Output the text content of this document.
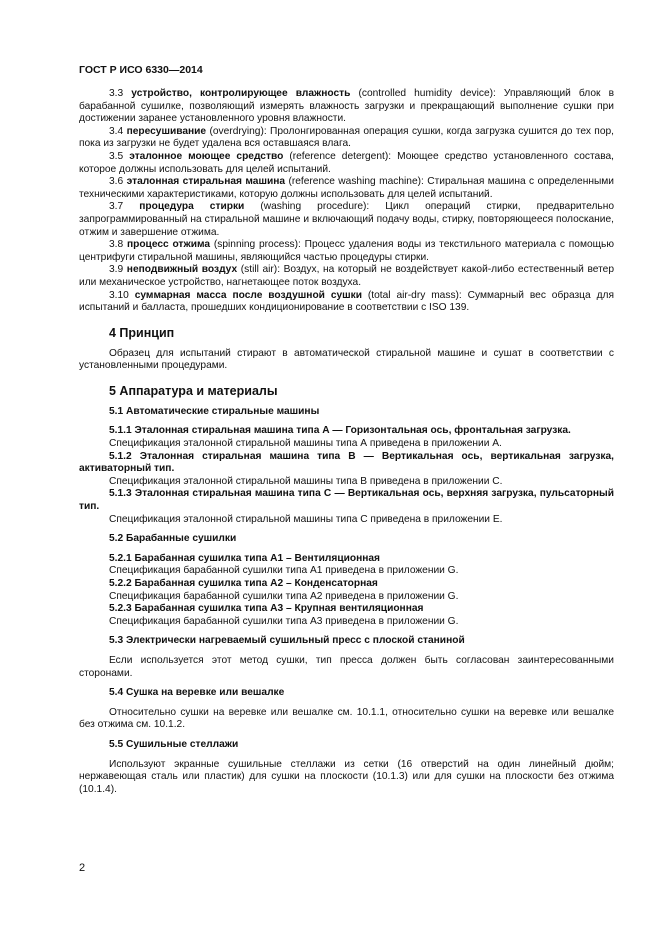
ГОСТ Р ИСО 6330—2014

3.3 устройство, контролирующее влажность (controlled humidity device): Управляющий блок в барабанной сушилке, позволяющий измерять влажность загрузки и прекращающий выполнение сушки при достижении заранее установленного уровня влажности.

3.4 пересушивание (overdrying): Пролонгированная операция сушки, когда загрузка сушится до тех пор, пока из загрузки не будет удалена вся оставшаяся влага.

3.5 эталонное моющее средство (reference detergent): Моющее средство установленного состава, которое должны использовать для целей испытаний.

3.6 эталонная стиральная машина (reference washing machine): Стиральная машина с определенными техническими характеристиками, которую должны использовать для целей испытаний.

3.7 процедура стирки (washing procedure): Цикл операций стирки, предварительно запрограммированный на стиральной машине и включающий подачу воды, стирку, повторяющееся полоскание, отжим и завершение отжима.

3.8 процесс отжима (spinning process): Процесс удаления воды из текстильного материала с помощью центрифуги стиральной машины, являющийся частью процедуры стирки.

3.9 неподвижный воздух (still air): Воздух, на который не воздействует какой-либо естественный ветер или механическое устройство, нагнетающее поток воздуха.

3.10 суммарная масса после воздушной сушки (total air-dry mass): Суммарный вес образца для испытаний и балласта, прошедших кондиционирование в соответствии с ISO 139.

4 Принцип

Образец для испытаний стирают в автоматической стиральной машине и сушат в соответствии с установленными процедурами.

5 Аппаратура и материалы
5.1 Автоматические стиральные машины

5.1.1 Эталонная стиральная машина типа А — Горизонтальная ось, фронтальная загрузка.

Спецификация эталонной стиральной машины типа А приведена в приложении А.

5.1.2 Эталонная стиральная машина типа В — Вертикальная ось, вертикальная загрузка, активаторный тип.

Спецификация эталонной стиральной машины типа В приведена в приложении С.

5.1.3 Эталонная стиральная машина типа С — Вертикальная ось, верхняя загрузка, пульсаторный тип.

Спецификация эталонной стиральной машины типа С приведена в приложении Е.

5.2 Барабанные сушилки

5.2.1 Барабанная сушилка типа А1 – Вентиляционная

Спецификация барабанной сушилки типа А1 приведена в приложении G.

5.2.2 Барабанная сушилка типа А2 – Конденсаторная

Спецификация барабанной сушилки типа А2 приведена в приложении G.

5.2.3 Барабанная сушилка типа А3 – Крупная вентиляционная

Спецификация барабанной сушилки типа А3 приведена в приложении G.

5.3 Электрически нагреваемый сушильный пресс с плоской станиной

Если используется этот метод сушки, тип пресса должен быть согласован заинтересованными сторонами.

5.4 Сушка на веревке или вешалке

Относительно сушки на веревке или вешалке см. 10.1.1, относительно сушки на веревке или вешалке без отжима см. 10.1.2.

5.5 Сушильные стеллажи

Используют экранные сушильные стеллажи из сетки (16 отверстий на один линейный дюйм; нержавеющая сталь или пластик) для сушки на плоскости (10.1.3) или для сушки на плоскости без отжима (10.1.4).

2
